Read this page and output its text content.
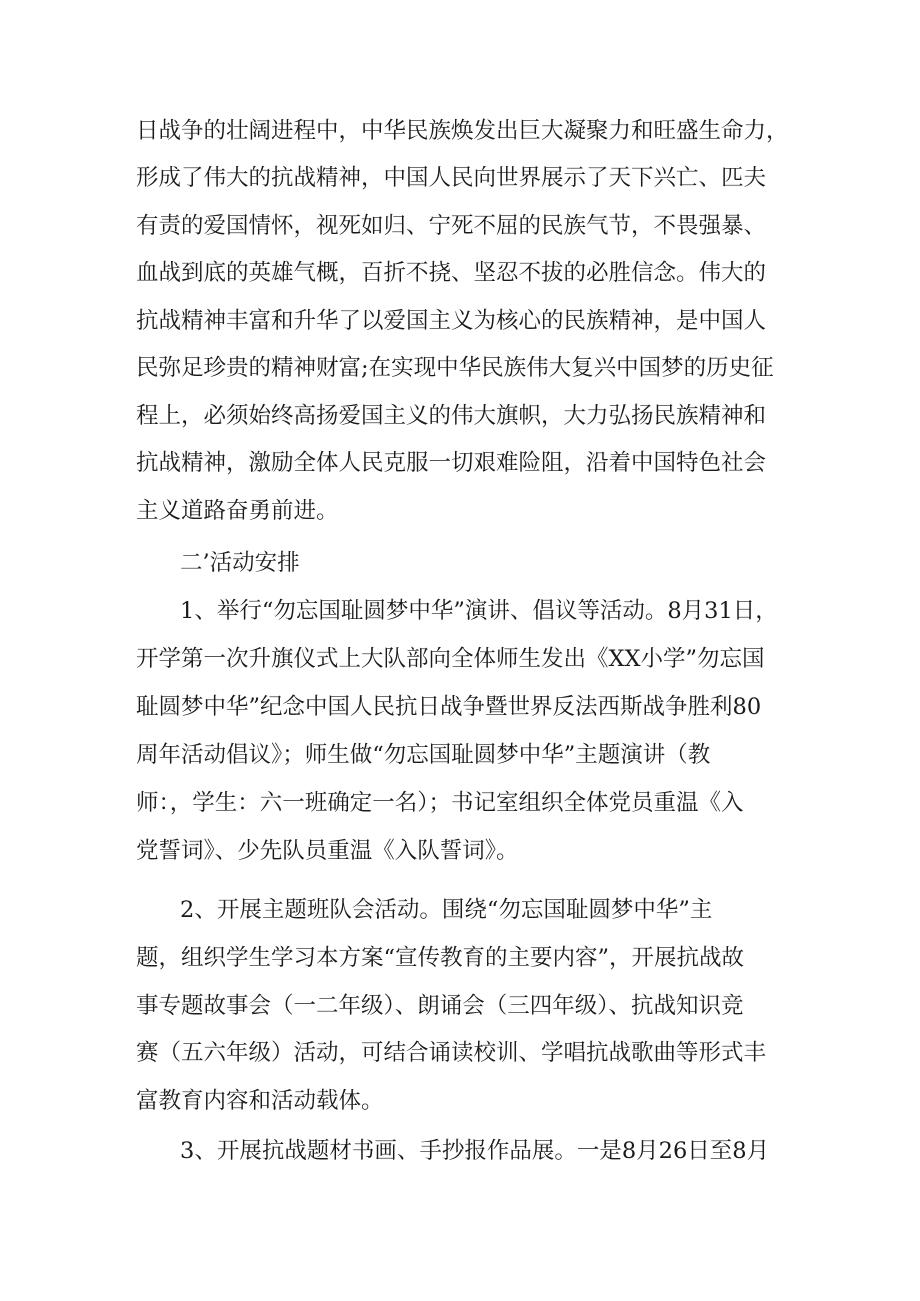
日战争的壮阔进程中，中华民族焕发出巨大凝聚力和旺盛生命力，
形成了伟大的抗战精神，中国人民向世界展示了天下兴亡、匹夫
有责的爱国情怀，视死如归、宁死不屈的民族气节，不畏强暴、
血战到底的英雄气概，百折不挠、坚忍不拔的必胜信念。伟大的
抗战精神丰富和升华了以爱国主义为核心的民族精神，是中国人
民弥足珍贵的精神财富;在实现中华民族伟大复兴中国梦的历史征
程上，必须始终高扬爱国主义的伟大旗帜，大力弘扬民族精神和
抗战精神，激励全体人民克服一切艰难险阻，沿着中国特色社会
主义道路奋勇前进。
二’活动安排
1、举行“勿忘国耻圆梦中华”演讲、倡议等活动。8月31日，
开学第一次升旗仪式上大队部向全体师生发出《XX小学”勿忘国
耻圆梦中华”纪念中国人民抗日战争暨世界反法西斯战争胜利80
周年活动倡议》；师生做“勿忘国耻圆梦中华”主题演讲（教
师：，学生：六一班确定一名）；书记室组织全体党员重温《入
党誓词》、少先队员重温《入队誓词》。
2、开展主题班队会活动。围绕“勿忘国耻圆梦中华”主
题，组织学生学习本方案“宣传教育的主要内容”，开展抗战故
事专题故事会（一二年级）、朗诵会（三四年级）、抗战知识竞
赛（五六年级）活动，可结合诵读校训、学唱抗战歌曲等形式丰
富教育内容和活动载体。
3、开展抗战题材书画、手抄报作品展。一是8月26日至8月
